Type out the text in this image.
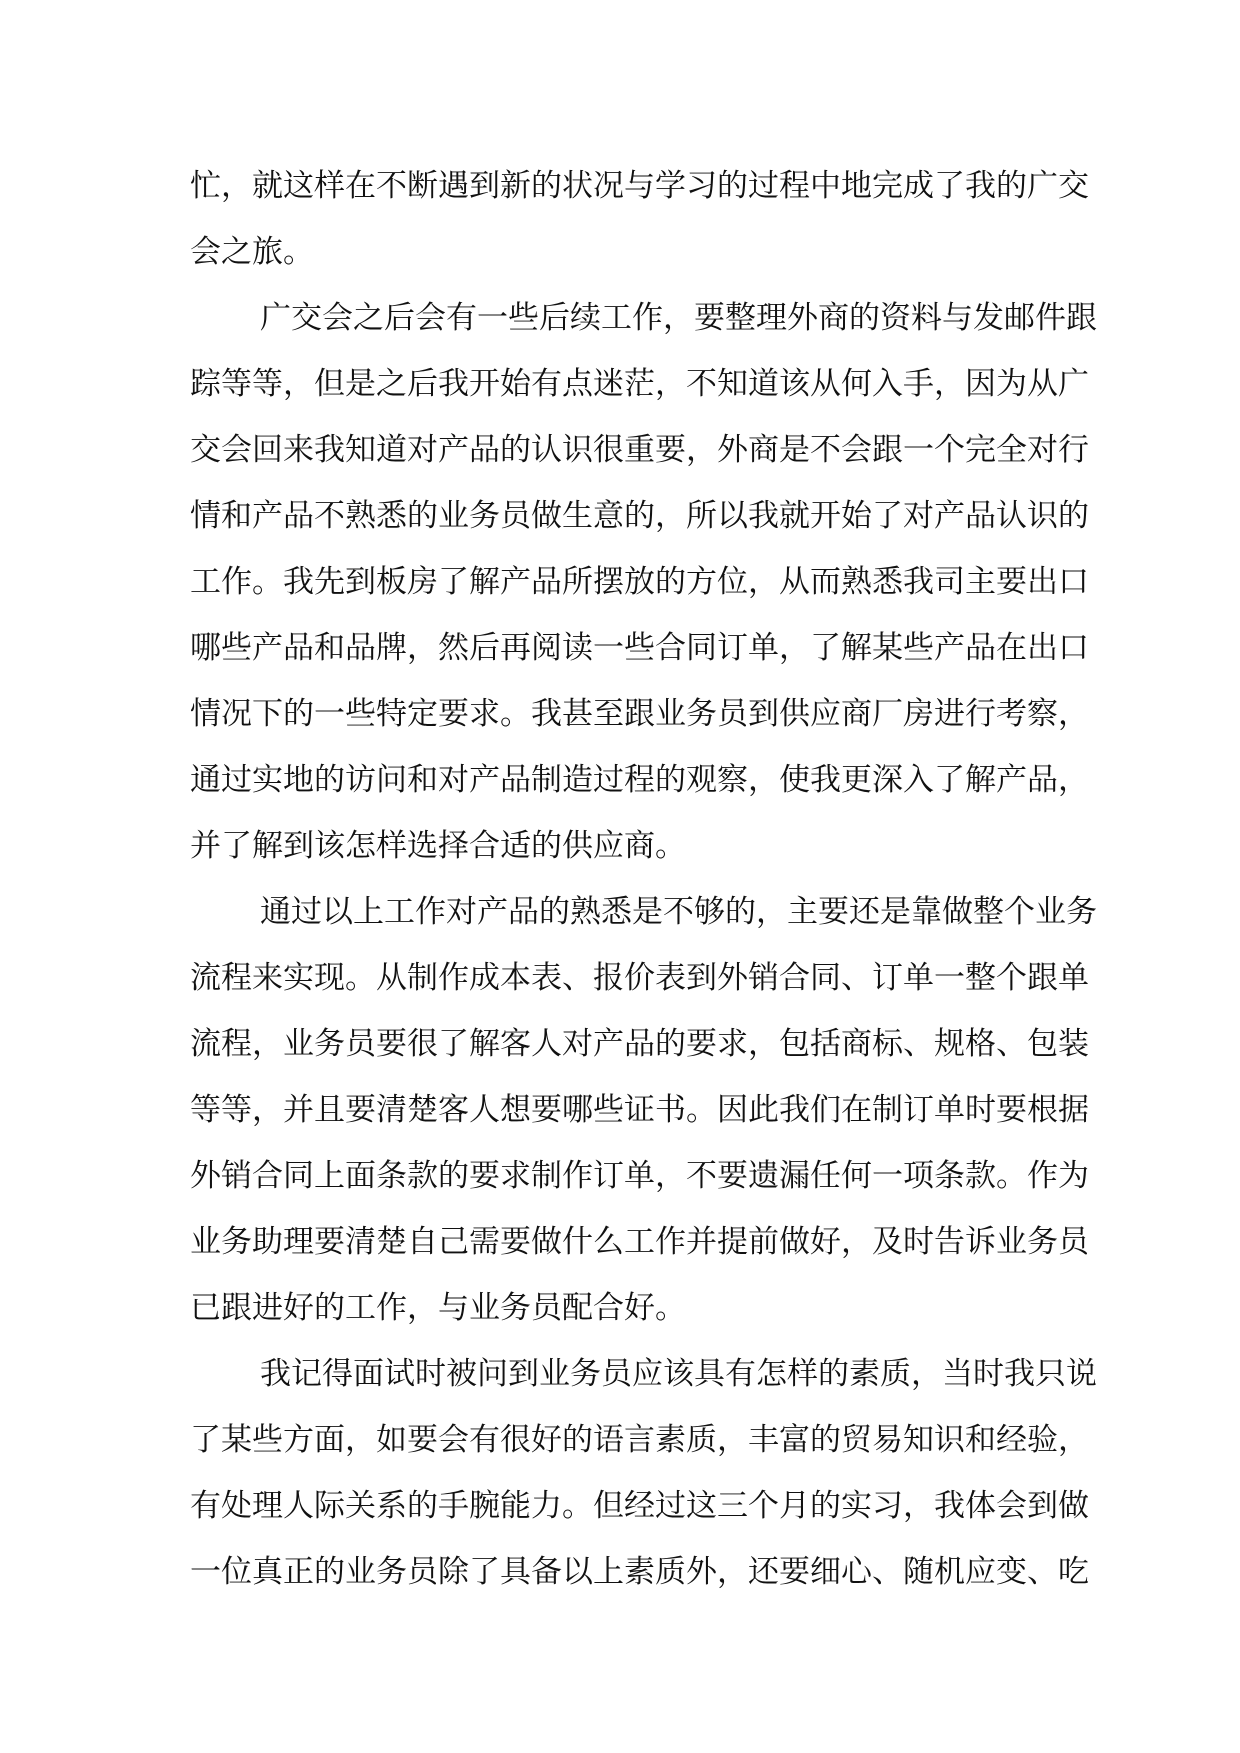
忙，就这样在不断遇到新的状况与学习的过程中地完成了我的广交
会之旅。
广交会之后会有一些后续工作，要整理外商的资料与发邮件跟
踪等等，但是之后我开始有点迷茫，不知道该从何入手，因为从广
交会回来我知道对产品的认识很重要，外商是不会跟一个完全对行
情和产品不熟悉的业务员做生意的，所以我就开始了对产品认识的
工作。我先到板房了解产品所摆放的方位，从而熟悉我司主要出口
哪些产品和品牌，然后再阅读一些合同订单，了解某些产品在出口
情况下的一些特定要求。我甚至跟业务员到供应商厂房进行考察，
通过实地的访问和对产品制造过程的观察，使我更深入了解产品，
并了解到该怎样选择合适的供应商。
通过以上工作对产品的熟悉是不够的，主要还是靠做整个业务
流程来实现。从制作成本表、报价表到外销合同、订单一整个跟单
流程，业务员要很了解客人对产品的要求，包括商标、规格、包装
等等，并且要清楚客人想要哪些证书。因此我们在制订单时要根据
外销合同上面条款的要求制作订单，不要遗漏任何一项条款。作为
业务助理要清楚自己需要做什么工作并提前做好，及时告诉业务员
已跟进好的工作，与业务员配合好。
我记得面试时被问到业务员应该具有怎样的素质，当时我只说
了某些方面，如要会有很好的语言素质，丰富的贸易知识和经验，
有处理人际关系的手腕能力。但经过这三个月的实习，我体会到做
一位真正的业务员除了具备以上素质外，还要细心、随机应变、吃
